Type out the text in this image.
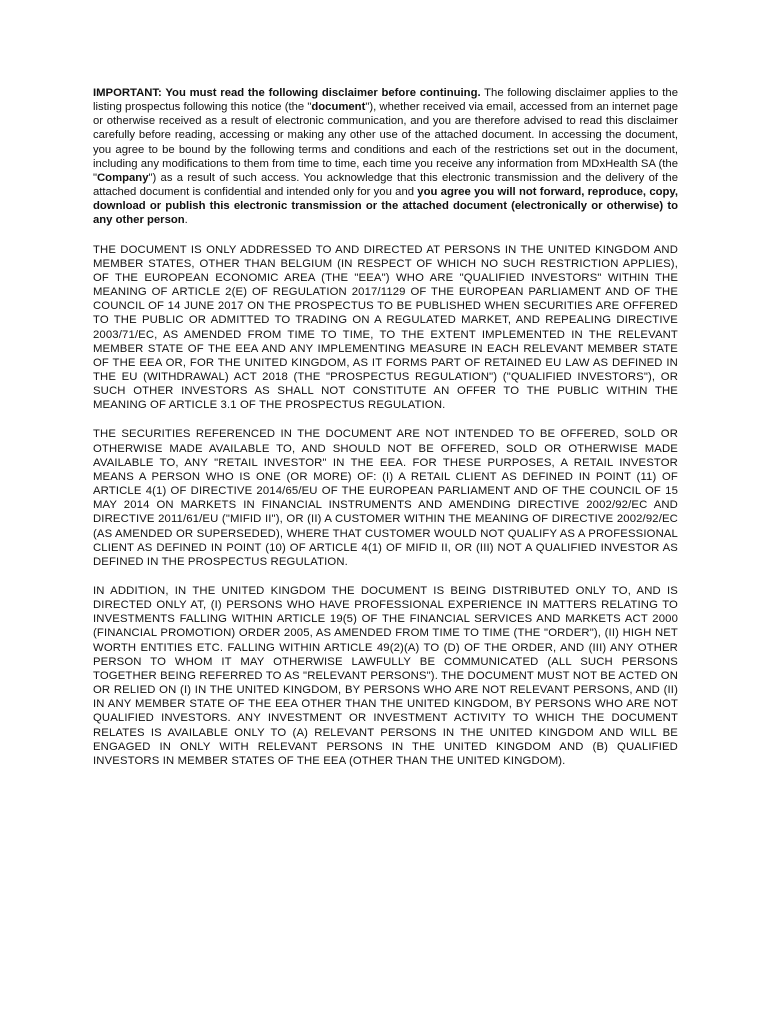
IMPORTANT: You must read the following disclaimer before continuing. The following disclaimer applies to the listing prospectus following this notice (the "document"), whether received via email, accessed from an internet page or otherwise received as a result of electronic communication, and you are therefore advised to read this disclaimer carefully before reading, accessing or making any other use of the attached document. In accessing the document, you agree to be bound by the following terms and conditions and each of the restrictions set out in the document, including any modifications to them from time to time, each time you receive any information from MDxHealth SA (the "Company") as a result of such access. You acknowledge that this electronic transmission and the delivery of the attached document is confidential and intended only for you and you agree you will not forward, reproduce, copy, download or publish this electronic transmission or the attached document (electronically or otherwise) to any other person.

THE DOCUMENT IS ONLY ADDRESSED TO AND DIRECTED AT PERSONS IN THE UNITED KINGDOM AND MEMBER STATES, OTHER THAN BELGIUM (IN RESPECT OF WHICH NO SUCH RESTRICTION APPLIES), OF THE EUROPEAN ECONOMIC AREA (THE "EEA") WHO ARE "QUALIFIED INVESTORS" WITHIN THE MEANING OF ARTICLE 2(E) OF REGULATION 2017/1129 OF THE EUROPEAN PARLIAMENT AND OF THE COUNCIL OF 14 JUNE 2017 ON THE PROSPECTUS TO BE PUBLISHED WHEN SECURITIES ARE OFFERED TO THE PUBLIC OR ADMITTED TO TRADING ON A REGULATED MARKET, AND REPEALING DIRECTIVE 2003/71/EC, AS AMENDED FROM TIME TO TIME, TO THE EXTENT IMPLEMENTED IN THE RELEVANT MEMBER STATE OF THE EEA AND ANY IMPLEMENTING MEASURE IN EACH RELEVANT MEMBER STATE OF THE EEA OR, FOR THE UNITED KINGDOM, AS IT FORMS PART OF RETAINED EU LAW AS DEFINED IN THE EU (WITHDRAWAL) ACT 2018 (THE "PROSPECTUS REGULATION") ("QUALIFIED INVESTORS"), OR SUCH OTHER INVESTORS AS SHALL NOT CONSTITUTE AN OFFER TO THE PUBLIC WITHIN THE MEANING OF ARTICLE 3.1 OF THE PROSPECTUS REGULATION.

THE SECURITIES REFERENCED IN THE DOCUMENT ARE NOT INTENDED TO BE OFFERED, SOLD OR OTHERWISE MADE AVAILABLE TO, AND SHOULD NOT BE OFFERED, SOLD OR OTHERWISE MADE AVAILABLE TO, ANY "RETAIL INVESTOR" IN THE EEA. FOR THESE PURPOSES, A RETAIL INVESTOR MEANS A PERSON WHO IS ONE (OR MORE) OF: (I) A RETAIL CLIENT AS DEFINED IN POINT (11) OF ARTICLE 4(1) OF DIRECTIVE 2014/65/EU OF THE EUROPEAN PARLIAMENT AND OF THE COUNCIL OF 15 MAY 2014 ON MARKETS IN FINANCIAL INSTRUMENTS AND AMENDING DIRECTIVE 2002/92/EC AND DIRECTIVE 2011/61/EU ("MIFID II"), OR (II) A CUSTOMER WITHIN THE MEANING OF DIRECTIVE 2002/92/EC (AS AMENDED OR SUPERSEDED), WHERE THAT CUSTOMER WOULD NOT QUALIFY AS A PROFESSIONAL CLIENT AS DEFINED IN POINT (10) OF ARTICLE 4(1) OF MIFID II, OR (III) NOT A QUALIFIED INVESTOR AS DEFINED IN THE PROSPECTUS REGULATION.

IN ADDITION, IN THE UNITED KINGDOM THE DOCUMENT IS BEING DISTRIBUTED ONLY TO, AND IS DIRECTED ONLY AT, (I) PERSONS WHO HAVE PROFESSIONAL EXPERIENCE IN MATTERS RELATING TO INVESTMENTS FALLING WITHIN ARTICLE 19(5) OF THE FINANCIAL SERVICES AND MARKETS ACT 2000 (FINANCIAL PROMOTION) ORDER 2005, AS AMENDED FROM TIME TO TIME (THE "ORDER"), (II) HIGH NET WORTH ENTITIES ETC. FALLING WITHIN ARTICLE 49(2)(A) TO (D) OF THE ORDER, AND (III) ANY OTHER PERSON TO WHOM IT MAY OTHERWISE LAWFULLY BE COMMUNICATED (ALL SUCH PERSONS TOGETHER BEING REFERRED TO AS "RELEVANT PERSONS"). THE DOCUMENT MUST NOT BE ACTED ON OR RELIED ON (I) IN THE UNITED KINGDOM, BY PERSONS WHO ARE NOT RELEVANT PERSONS, AND (II) IN ANY MEMBER STATE OF THE EEA OTHER THAN THE UNITED KINGDOM, BY PERSONS WHO ARE NOT QUALIFIED INVESTORS. ANY INVESTMENT OR INVESTMENT ACTIVITY TO WHICH THE DOCUMENT RELATES IS AVAILABLE ONLY TO (A) RELEVANT PERSONS IN THE UNITED KINGDOM AND WILL BE ENGAGED IN ONLY WITH RELEVANT PERSONS IN THE UNITED KINGDOM AND (B) QUALIFIED INVESTORS IN MEMBER STATES OF THE EEA (OTHER THAN THE UNITED KINGDOM).
